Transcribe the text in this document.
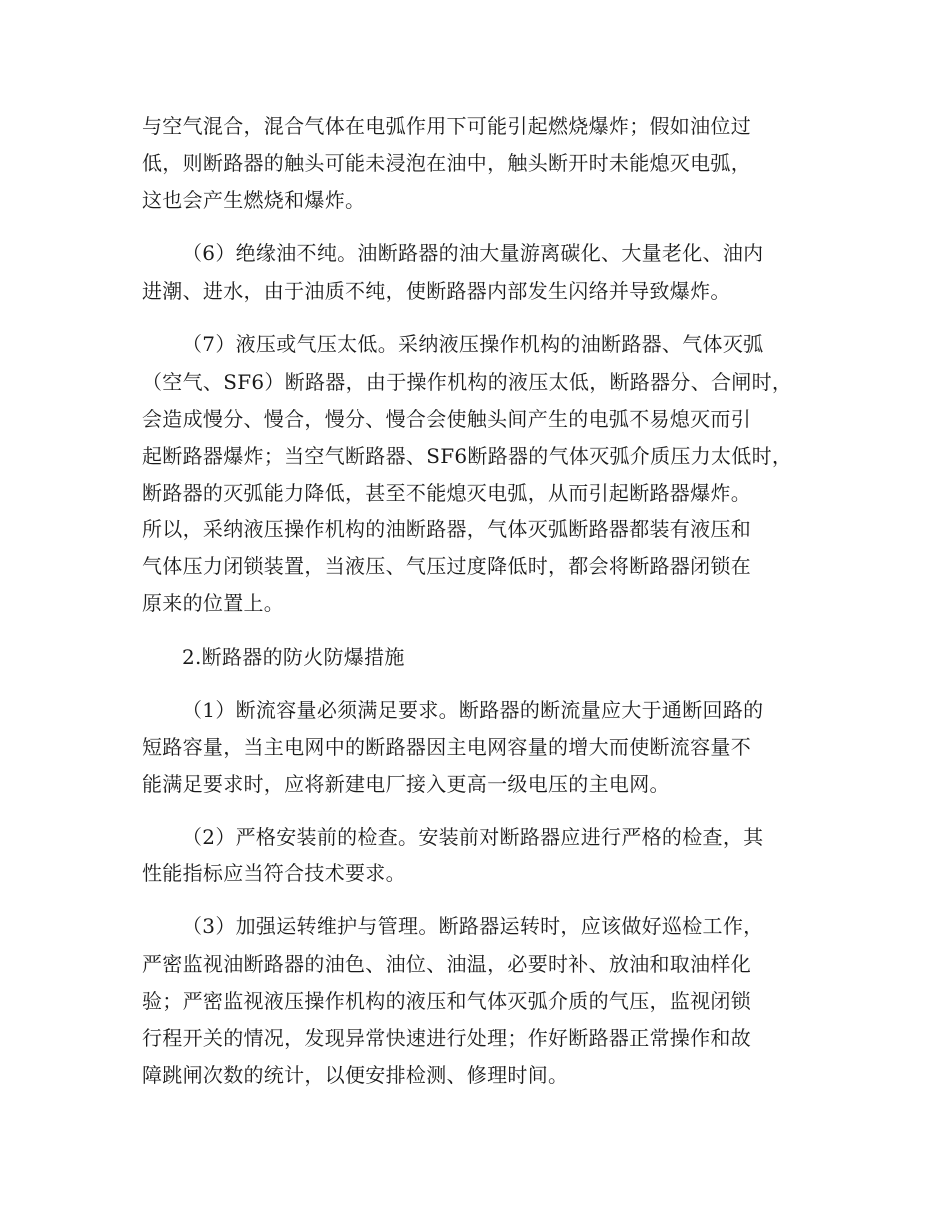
与空气混合，混合气体在电弧作用下可能引起燃烧爆炸；假如油位过
低，则断路器的触头可能未浸泡在油中，触头断开时未能熄灭电弧，
这也会产生燃烧和爆炸。
（6）绝缘油不纯。油断路器的油大量游离碳化、大量老化、油内
进潮、进水，由于油质不纯，使断路器内部发生闪络并导致爆炸。
（7）液压或气压太低。采纳液压操作机构的油断路器、气体灭弧
（空气、SF6）断路器，由于操作机构的液压太低，断路器分、合闸时，
会造成慢分、慢合，慢分、慢合会使触头间产生的电弧不易熄灭而引
起断路器爆炸；当空气断路器、SF6断路器的气体灭弧介质压力太低时，
断路器的灭弧能力降低，甚至不能熄灭电弧，从而引起断路器爆炸。
所以，采纳液压操作机构的油断路器，气体灭弧断路器都装有液压和
气体压力闭锁装置，当液压、气压过度降低时，都会将断路器闭锁在
原来的位置上。
2.断路器的防火防爆措施
（1）断流容量必须满足要求。断路器的断流量应大于通断回路的
短路容量，当主电网中的断路器因主电网容量的增大而使断流容量不
能满足要求时，应将新建电厂接入更高一级电压的主电网。
（2）严格安装前的检查。安装前对断路器应进行严格的检查，其
性能指标应当符合技术要求。
（3）加强运转维护与管理。断路器运转时，应该做好巡检工作，
严密监视油断路器的油色、油位、油温，必要时补、放油和取油样化
验；严密监视液压操作机构的液压和气体灭弧介质的气压，监视闭锁
行程开关的情况，发现异常快速进行处理；作好断路器正常操作和故
障跳闸次数的统计，以便安排检测、修理时间。
